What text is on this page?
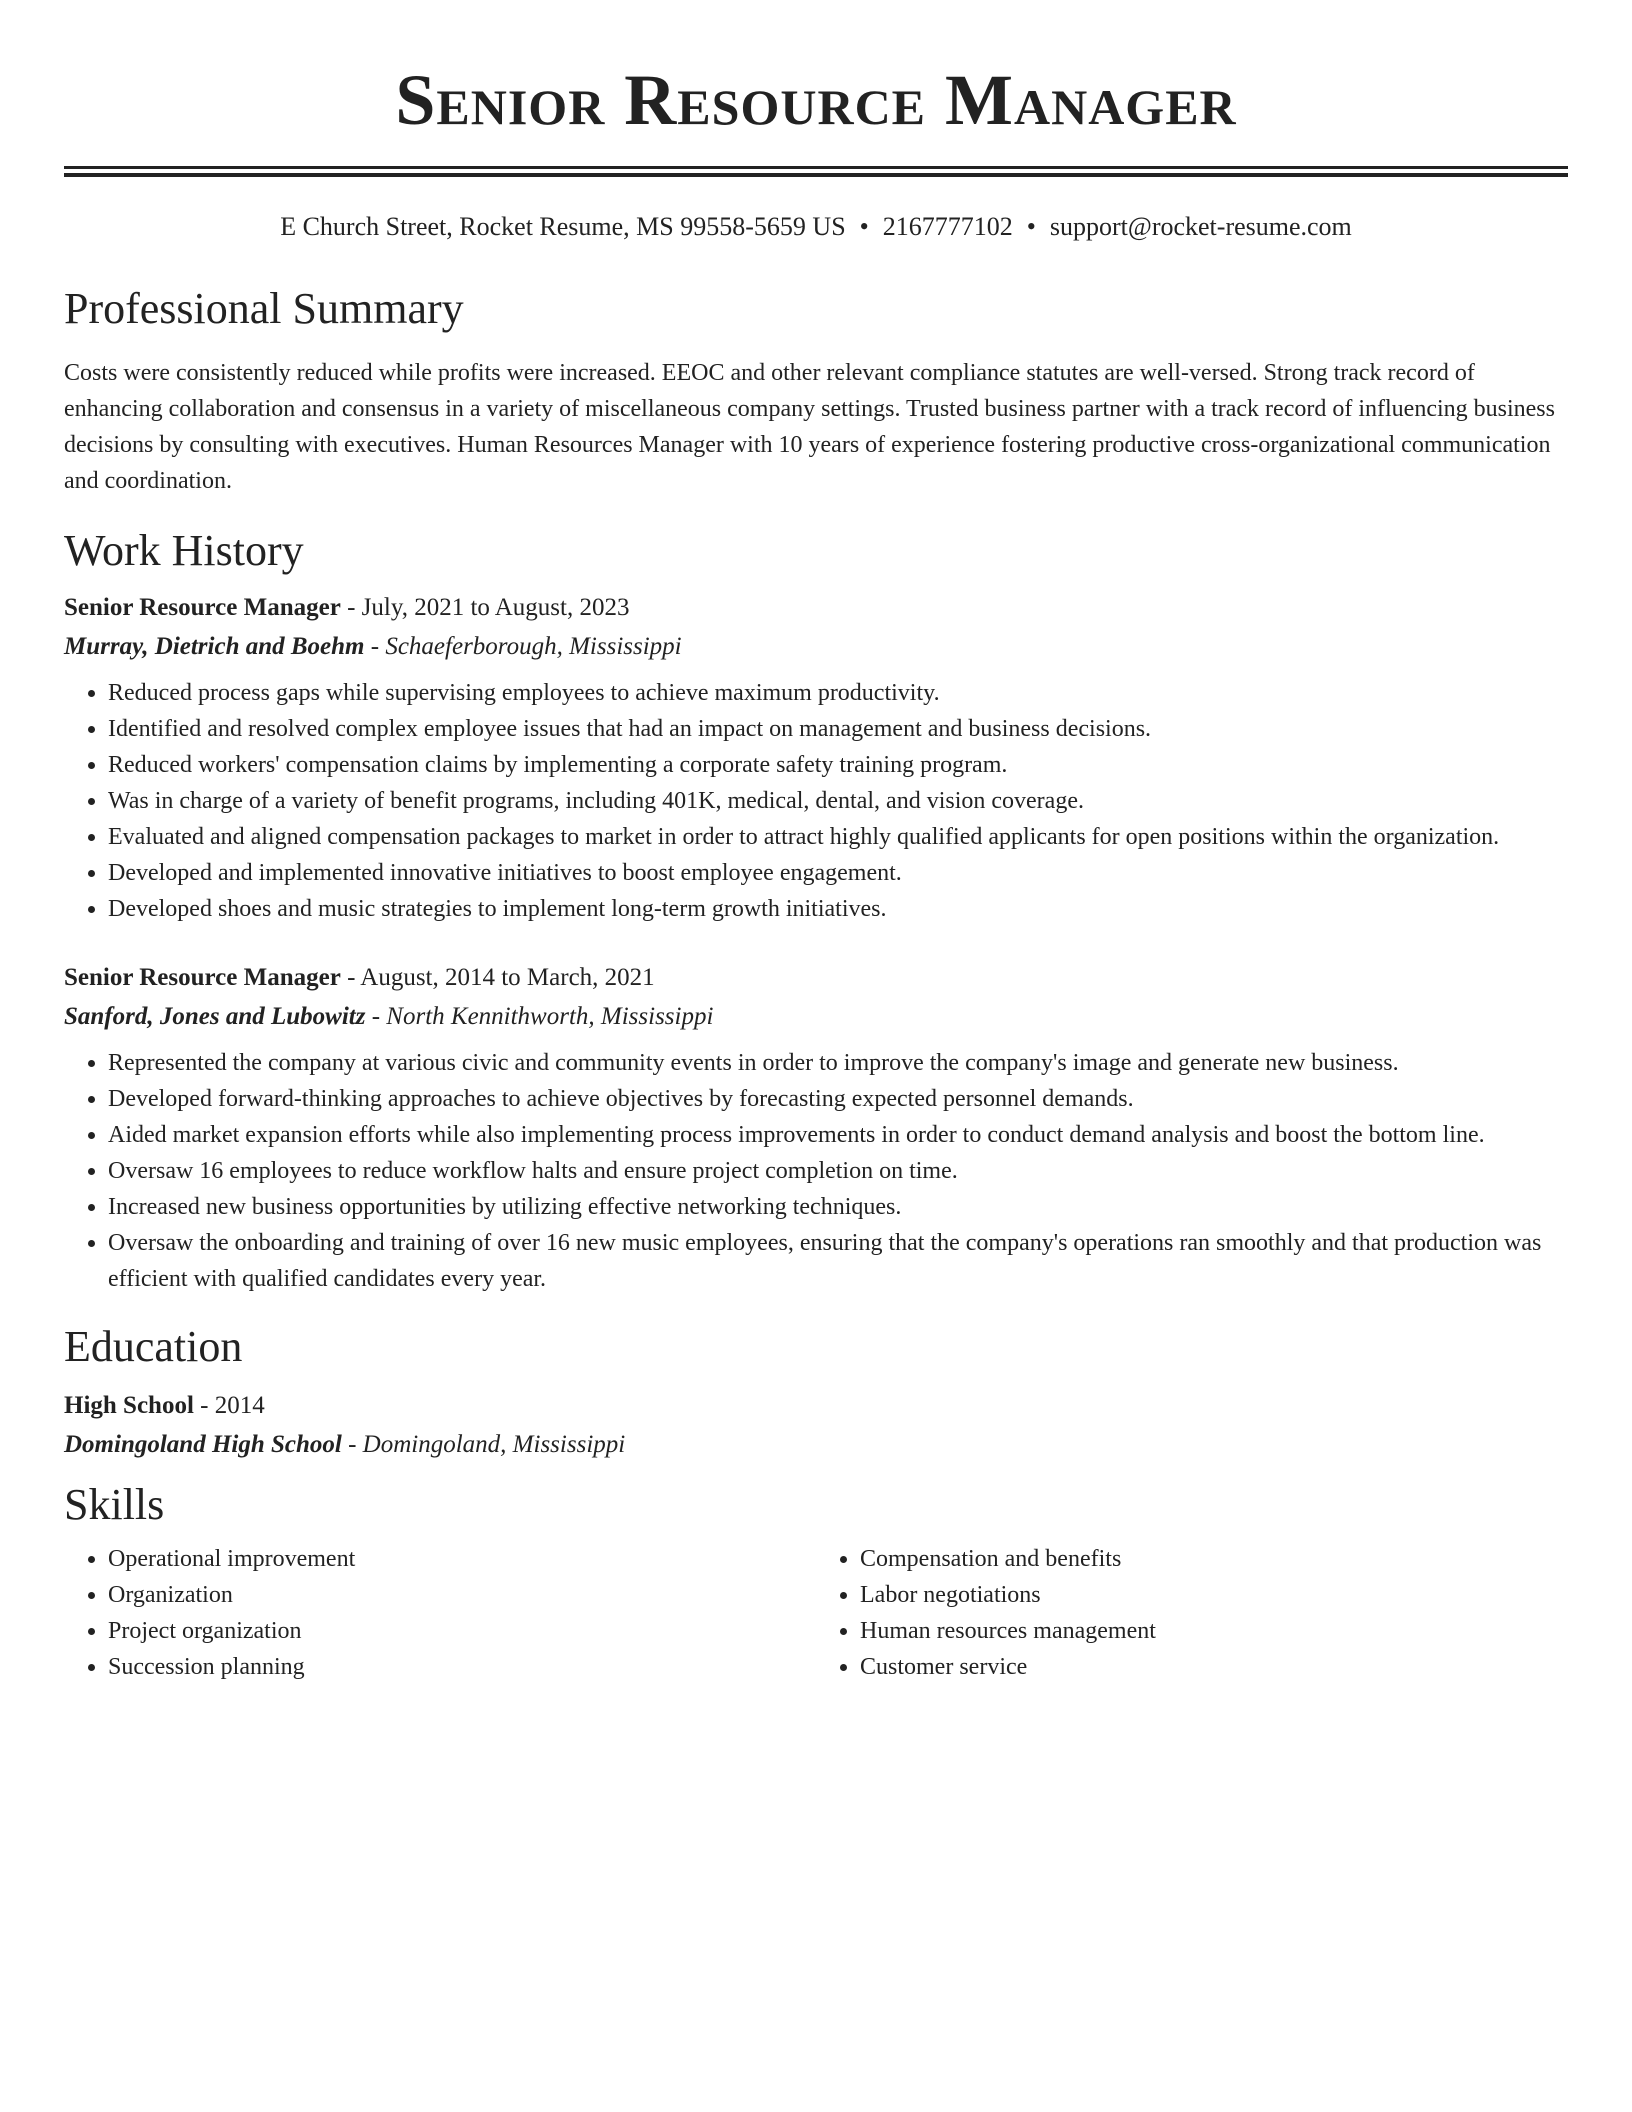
Senior Resource Manager
E Church Street, Rocket Resume, MS 99558-5659 US • 2167777102 • support@rocket-resume.com
Professional Summary
Costs were consistently reduced while profits were increased. EEOC and other relevant compliance statutes are well-versed. Strong track record of enhancing collaboration and consensus in a variety of miscellaneous company settings. Trusted business partner with a track record of influencing business decisions by consulting with executives. Human Resources Manager with 10 years of experience fostering productive cross-organizational communication and coordination.
Work History
Senior Resource Manager - July, 2021 to August, 2023
Murray, Dietrich and Boehm - Schaeferborough, Mississippi
• Reduced process gaps while supervising employees to achieve maximum productivity.
• Identified and resolved complex employee issues that had an impact on management and business decisions.
• Reduced workers' compensation claims by implementing a corporate safety training program.
• Was in charge of a variety of benefit programs, including 401K, medical, dental, and vision coverage.
• Evaluated and aligned compensation packages to market in order to attract highly qualified applicants for open positions within the organization.
• Developed and implemented innovative initiatives to boost employee engagement.
• Developed shoes and music strategies to implement long-term growth initiatives.
Senior Resource Manager - August, 2014 to March, 2021
Sanford, Jones and Lubowitz - North Kennithworth, Mississippi
• Represented the company at various civic and community events in order to improve the company's image and generate new business.
• Developed forward-thinking approaches to achieve objectives by forecasting expected personnel demands.
• Aided market expansion efforts while also implementing process improvements in order to conduct demand analysis and boost the bottom line.
• Oversaw 16 employees to reduce workflow halts and ensure project completion on time.
• Increased new business opportunities by utilizing effective networking techniques.
• Oversaw the onboarding and training of over 16 new music employees, ensuring that the company's operations ran smoothly and that production was efficient with qualified candidates every year.
Education
High School - 2014
Domingoland High School - Domingoland, Mississippi
Skills
• Operational improvement
• Organization
• Project organization
• Succession planning
• Compensation and benefits
• Labor negotiations
• Human resources management
• Customer service
